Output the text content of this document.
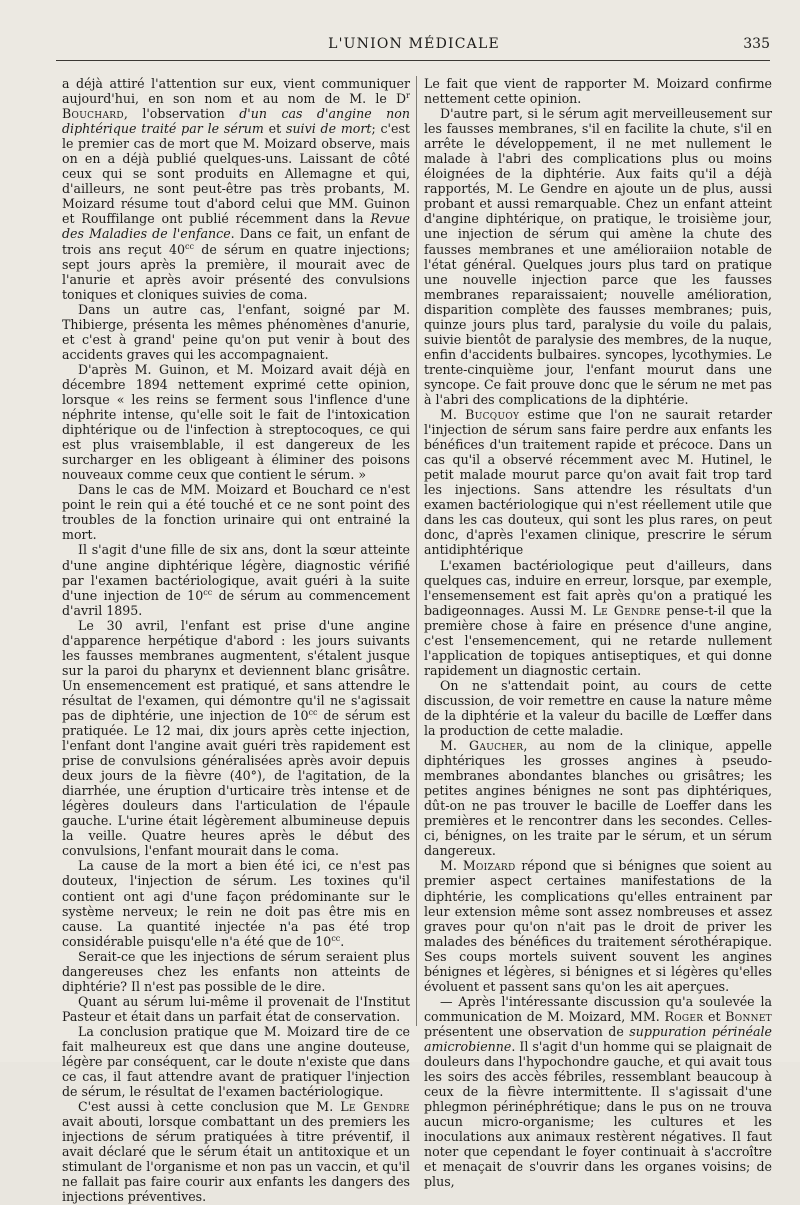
L'UNION MÉDICALE	335

a déjà attiré l'attention sur eux, vient communiquer aujourd'hui, en son nom et au nom de M. le $D^r$ Bouchard, l'observation d'un cas d'angine non diphtérique traité par le sérum et suivi de mort; c'est le premier cas de mort que M. Moizard observe, mais on en a déjà publié quelques-uns. Laissant de côté ceux qui se sont produits en Allemagne et qui, d'ailleurs, ne sont peut-être pas très probants, M. Moizard résume tout d'abord celui que MM. Guinon et Rouffilange ont publié récemment dans la Revue des Maladies de l'enfance. Dans ce fait, un enfant de trois ans reçut $40^{cc}$ de sérum en quatre injections; sept jours après la première, il mourait avec de l'anurie et après avoir présenté des convulsions toniques et cloniques suivies de coma.

Dans un autre cas, l'enfant, soigné par M. Thibierge, présenta les mêmes phénomènes d'anurie, et c'est à grand' peine qu'on put venir à bout des accidents graves qui les accompagnaient.

D'après M. Guinon, et M. Moizard avait déjà en décembre 1894 nettement exprimé cette opinion, lorsque « les reins se ferment sous l'inflence d'une néphrite intense, qu'elle soit le fait de l'intoxication diphtérique ou de l'infection à streptocoques, ce qui est plus vraisemblable, il est dangereux de les surcharger en les obligeant à éliminer des poisons nouveaux comme ceux que contient le sérum. »

Dans le cas de MM. Moizard et Bouchard ce n'est point le rein qui a été touché et ce ne sont point des troubles de la fonction urinaire qui ont entrainé la mort.

Il s'agit d'une fille de six ans, dont la sœur atteinte d'une angine diphtérique légère, diagnostic vérifié par l'examen bactériologique, avait guéri à la suite d'une injection de $10^{cc}$ de sérum au commencement d'avril 1895.

Le 30 avril, l'enfant est prise d'une angine d'apparence herpétique d'abord : les jours suivants les fausses membranes augmentent, s'étalent jusque sur la paroi du pharynx et deviennent blanc grisâtre. Un ensemencement est pratiqué, et sans attendre le résultat de l'examen, qui démontre qu'il ne s'agissait pas de diphtérie, une injection de $10^{cc}$ de sérum est pratiquée. Le 12 mai, dix jours après cette injection, l'enfant dont l'angine avait guéri très rapidement est prise de convulsions généralisées après avoir depuis deux jours de la fièvre (40°), de l'agitation, de la diarrhée, une éruption d'urticaire très intense et de légères douleurs dans l'articulation de l'épaule gauche. L'urine était légèrement albumineuse depuis la veille. Quatre heures après le début des convulsions, l'enfant mourait dans le coma.

La cause de la mort a bien été ici, ce n'est pas douteux, l'injection de sérum. Les toxines qu'il contient ont agi d'une façon prédominante sur le système nerveux; le rein ne doit pas être mis en cause. La quantité injectée n'a pas été trop considérable puisqu'elle n'a été que de $10^{cc}$.

Serait-ce que les injections de sérum seraient plus dangereuses chez les enfants non atteints de diphtérie? Il n'est pas possible de le dire.

Quant au sérum lui-même il provenait de l'Institut Pasteur et était dans un parfait état de conservation.

La conclusion pratique que M. Moizard tire de ce fait malheureux est que dans une angine douteuse, légère par conséquent, car le doute n'existe que dans ce cas, il faut attendre avant de pratiquer l'injection de sérum, le résultat de l'examen bactériologique.

C'est aussi à cette conclusion que M. Le Gendre avait abouti, lorsque combattant un des premiers les injections de sérum pratiquées à titre préventif, il avait déclaré que le sérum était un antitoxique et un stimulant de l'organisme et non pas un vaccin, et qu'il ne fallait pas faire courir aux enfants les dangers des injections préventives.

Le fait que vient de rapporter M. Moizard confirme nettement cette opinion.

D'autre part, si le sérum agit merveilleusement sur les fausses membranes, s'il en facilite la chute, s'il en arrête le développement, il ne met nullement le malade à l'abri des complications plus ou moins éloignées de la diphtérie. Aux faits qu'il a déjà rapportés, M. Le Gendre en ajoute un de plus, aussi probant et aussi remarquable. Chez un enfant atteint d'angine diphtérique, on pratique, le troisième jour, une injection de sérum qui amène la chute des fausses membranes et une amélioraiion notable de l'état général. Quelques jours plus tard on pratique une nouvelle injection parce que les fausses membranes reparaissaient; nouvelle amélioration, disparition complète des fausses membranes; puis, quinze jours plus tard, paralysie du voile du palais, suivie bientôt de paralysie des membres, de la nuque, enfin d'accidents bulbaires. syncopes, lycothymies. Le trente-cinquième jour, l'enfant mourut dans une syncope. Ce fait prouve donc que le sérum ne met pas à l'abri des complications de la diphtérie.

M. Bucquoy estime que l'on ne saurait retarder l'injection de sérum sans faire perdre aux enfants les bénéfices d'un traitement rapide et précoce. Dans un cas qu'il a observé récemment avec M. Hutinel, le petit malade mourut parce qu'on avait fait trop tard les injections. Sans attendre les résultats d'un examen bactériologique qui n'est réellement utile que dans les cas douteux, qui sont les plus rares, on peut donc, d'après l'examen clinique, prescrire le sérum antidiphtérique

L'examen bactériologique peut d'ailleurs, dans quelques cas, induire en erreur, lorsque, par exemple, l'ensemensement est fait après qu'on a pratiqué les badigeonnages. Aussi M. Le Gendre pense-t-il que la première chose à faire en présence d'une angine, c'est l'ensemencement, qui ne retarde nullement l'application de topiques antiseptiques, et qui donne rapidement un diagnostic certain.

On ne s'attendait point, au cours de cette discussion, de voir remettre en cause la nature même de la diphtérie et la valeur du bacille de Lœffer dans la production de cette maladie.

M. Gaucher, au nom de la clinique, appelle diphtériques les grosses angines à pseudo-membranes abondantes blanches ou grisâtres; les petites angines bénignes ne sont pas diphtériques, dût-on ne pas trouver le bacille de Loeffer dans les premières et le rencontrer dans les secondes. Celles-ci, bénignes, on les traite par le sérum, et un sérum dangereux.

M. Moizard répond que si bénignes que soient au premier aspect certaines manifestations de la diphtérie, les complications qu'elles entrainent par leur extension même sont assez nombreuses et assez graves pour qu'on n'ait pas le droit de priver les malades des bénéfices du traitement sérothérapique. Ses coups mortels suivent souvent les angines bénignes et légères, si bénignes et si légères qu'elles évoluent et passent sans qu'on les ait aperçues.

— Après l'intéressante discussion qu'a soulevée la communication de M. Moizard, MM. Roger et Bonnet présentent une observation de suppuration périnéale amicrobienne. Il s'agit d'un homme qui se plaignait de douleurs dans l'hypochondre gauche, et qui avait tous les soirs des accès fébriles, ressemblant beaucoup à ceux de la fièvre intermittente. Il s'agissait d'une phlegmon périnéphrétique; dans le pus on ne trouva aucun micro-organisme; les cultures et les inoculations aux animaux restèrent négatives. Il faut noter que cependant le foyer continuait à s'accroître et menaçait de s'ouvrir dans les organes voisins; de plus,
